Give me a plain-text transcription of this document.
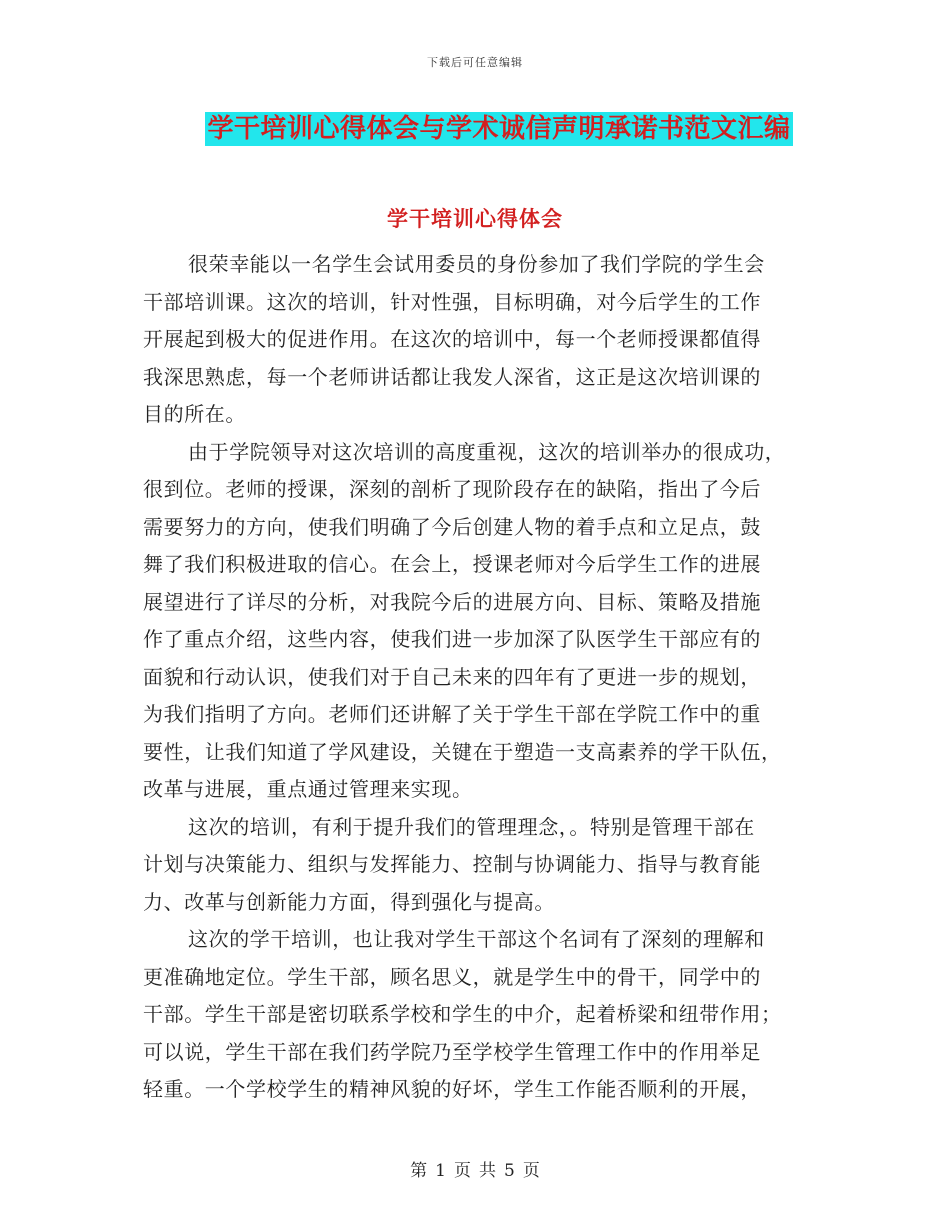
下载后可任意编辑
学干培训心得体会与学术诚信声明承诺书范文汇编
学干培训心得体会
很荣幸能以一名学生会试用委员的身份参加了我们学院的学生会
干部培训课。这次的培训，针对性强，目标明确，对今后学生的工作
开展起到极大的促进作用。在这次的培训中，每一个老师授课都值得
我深思熟虑，每一个老师讲话都让我发人深省，这正是这次培训课的
目的所在。
由于学院领导对这次培训的高度重视，这次的培训举办的很成功，
很到位。老师的授课，深刻的剖析了现阶段存在的缺陷，指出了今后
需要努力的方向，使我们明确了今后创建人物的着手点和立足点，鼓
舞了我们积极进取的信心。在会上，授课老师对今后学生工作的进展
展望进行了详尽的分析，对我院今后的进展方向、目标、策略及措施
作了重点介绍，这些内容，使我们进一步加深了队医学生干部应有的
面貌和行动认识，使我们对于自己未来的四年有了更进一步的规划，
为我们指明了方向。老师们还讲解了关于学生干部在学院工作中的重
要性，让我们知道了学风建设，关键在于塑造一支高素养的学干队伍，
改革与进展，重点通过管理来实现。
这次的培训，有利于提升我们的管理理念，。特别是管理干部在
计划与决策能力、组织与发挥能力、控制与协调能力、指导与教育能
力、改革与创新能力方面，得到强化与提高。
这次的学干培训，也让我对学生干部这个名词有了深刻的理解和
更准确地定位。学生干部，顾名思义，就是学生中的骨干，同学中的
干部。学生干部是密切联系学校和学生的中介，起着桥梁和纽带作用；
可以说，学生干部在我们药学院乃至学校学生管理工作中的作用举足
轻重。一个学校学生的精神风貌的好坏，学生工作能否顺利的开展，
第 1 页 共 5 页
